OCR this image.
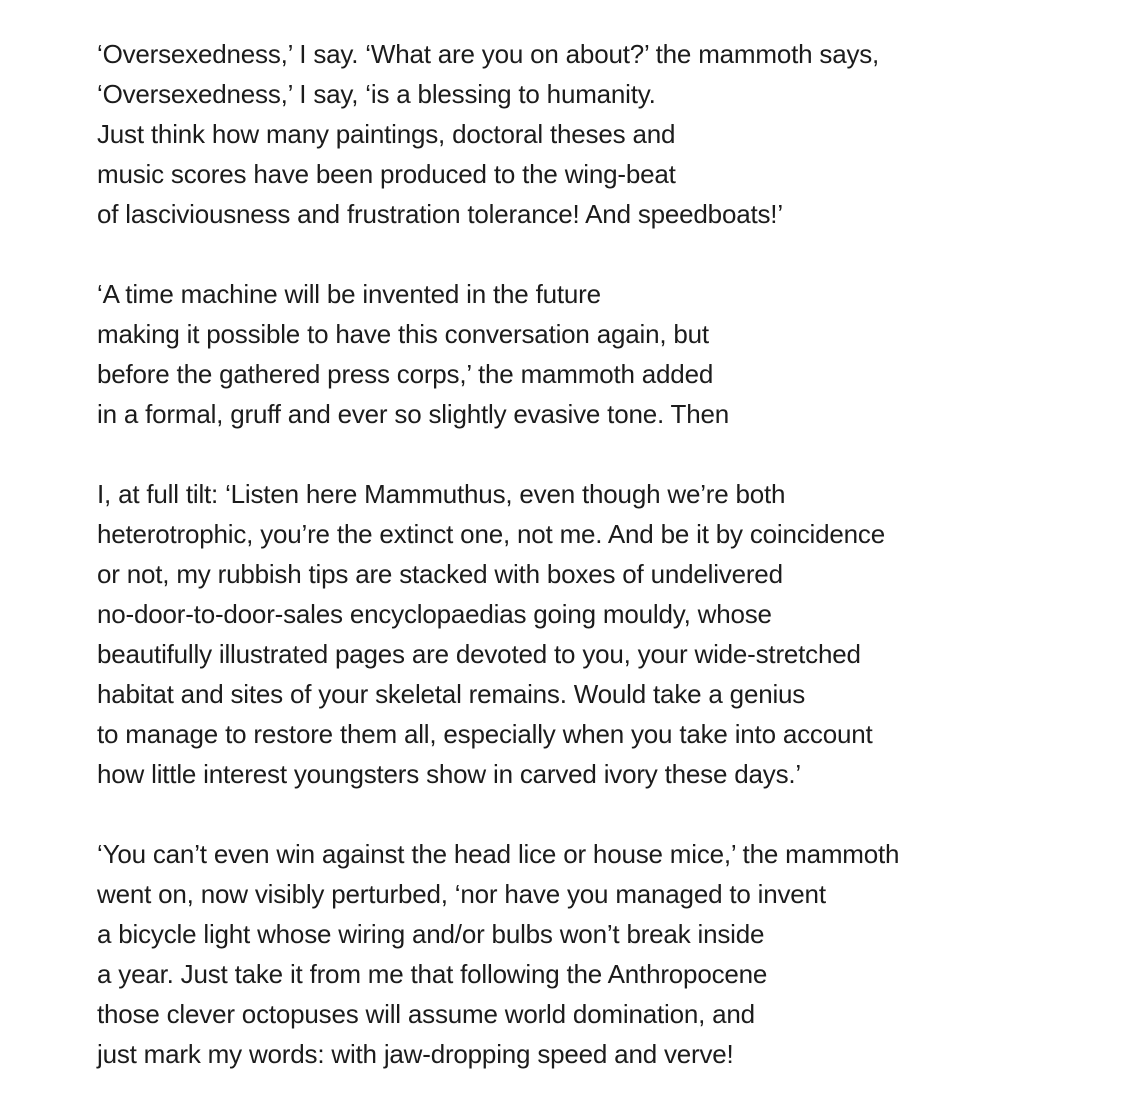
‘Oversexedness,’ I say. ‘What are you on about?’ the mammoth says,
‘Oversexedness,’ I say, ‘is a blessing to humanity.
Just think how many paintings, doctoral theses and
music scores have been produced to the wing-beat
of lasciviousness and frustration tolerance! And speedboats!’
‘A time machine will be invented in the future
making it possible to have this conversation again, but
before the gathered press corps,’ the mammoth added
in a formal, gruff and ever so slightly evasive tone. Then
I, at full tilt: ‘Listen here Mammuthus, even though we’re both
heterotrophic, you’re the extinct one, not me. And be it by coincidence
or not, my rubbish tips are stacked with boxes of undelivered
no-door-to-door-sales encyclopaedias going mouldy, whose
beautifully illustrated pages are devoted to you, your wide-stretched
habitat and sites of your skeletal remains. Would take a genius
to manage to restore them all, especially when you take into account
how little interest youngsters show in carved ivory these days.’
‘You can’t even win against the head lice or house mice,’ the mammoth
went on, now visibly perturbed, ‘nor have you managed to invent
a bicycle light whose wiring and/or bulbs won’t break inside
a year. Just take it from me that following the Anthropocene
those clever octopuses will assume world domination, and
just mark my words: with jaw-dropping speed and verve!
